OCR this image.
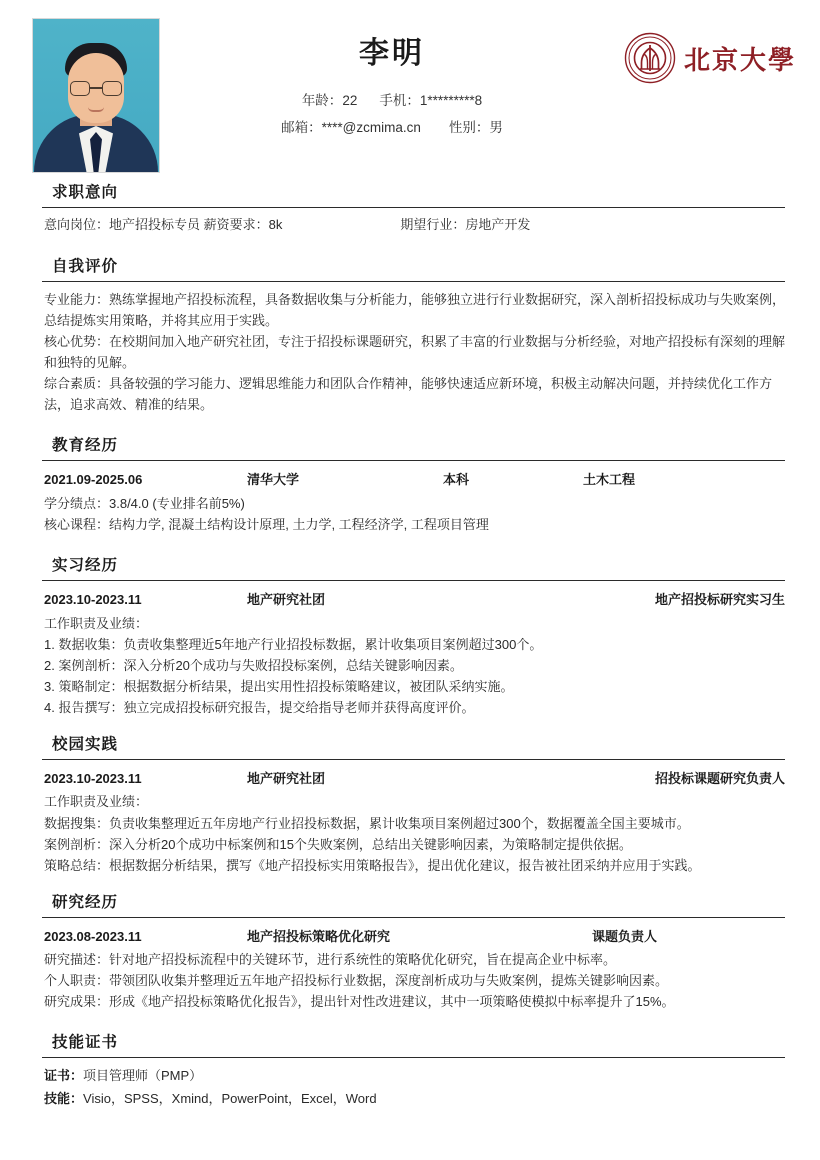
李明
年龄：22 手机：1*********8
邮箱：****@zcmima.cn 性别：男
北京大學
求职意向
意向岗位：地产招投标专员 薪资要求：8k	期望行业：房地产开发
自我评价
专业能力：熟练掌握地产招投标流程，具备数据收集与分析能力，能够独立进行行业数据研究，深入剖析招投标成功与失败案例，总结提炼实用策略，并将其应用于实践。
核心优势：在校期间加入地产研究社团，专注于招投标课题研究，积累了丰富的行业数据与分析经验，对地产招投标有深刻的理解和独特的见解。
综合素质：具备较强的学习能力、逻辑思维能力和团队合作精神，能够快速适应新环境，积极主动解决问题，并持续优化工作方法，追求高效、精准的结果。
教育经历
2021.09-2025.06	清华大学	本科	土木工程
学分绩点：3.8/4.0 (专业排名前5%)
核心课程：结构力学, 混凝土结构设计原理, 土力学, 工程经济学, 工程项目管理
实习经历
2023.10-2023.11	地产研究社团	地产招投标研究实习生
工作职责及业绩：
1. 数据收集：负责收集整理近5年地产行业招投标数据，累计收集项目案例超过300个。
2. 案例剖析：深入分析20个成功与失败招投标案例，总结关键影响因素。
3. 策略制定：根据数据分析结果，提出实用性招投标策略建议，被团队采纳实施。
4. 报告撰写：独立完成招投标研究报告，提交给指导老师并获得高度评价。
校园实践
2023.10-2023.11	地产研究社团	招投标课题研究负责人
工作职责及业绩：
数据搜集：负责收集整理近五年房地产行业招投标数据，累计收集项目案例超过300个，数据覆盖全国主要城市。
案例剖析：深入分析20个成功中标案例和15个失败案例，总结出关键影响因素，为策略制定提供依据。
策略总结：根据数据分析结果，撰写《地产招投标实用策略报告》，提出优化建议，报告被社团采纳并应用于实践。
研究经历
2023.08-2023.11	地产招投标策略优化研究	课题负责人
研究描述：针对地产招投标流程中的关键环节，进行系统性的策略优化研究，旨在提高企业中标率。
个人职责：带领团队收集并整理近五年地产招投标行业数据，深度剖析成功与失败案例，提炼关键影响因素。
研究成果：形成《地产招投标策略优化报告》，提出针对性改进建议，其中一项策略使模拟中标率提升了15%。
技能证书
证书：项目管理师（PMP）
技能：Visio，SPSS，Xmind，PowerPoint，Excel，Word
